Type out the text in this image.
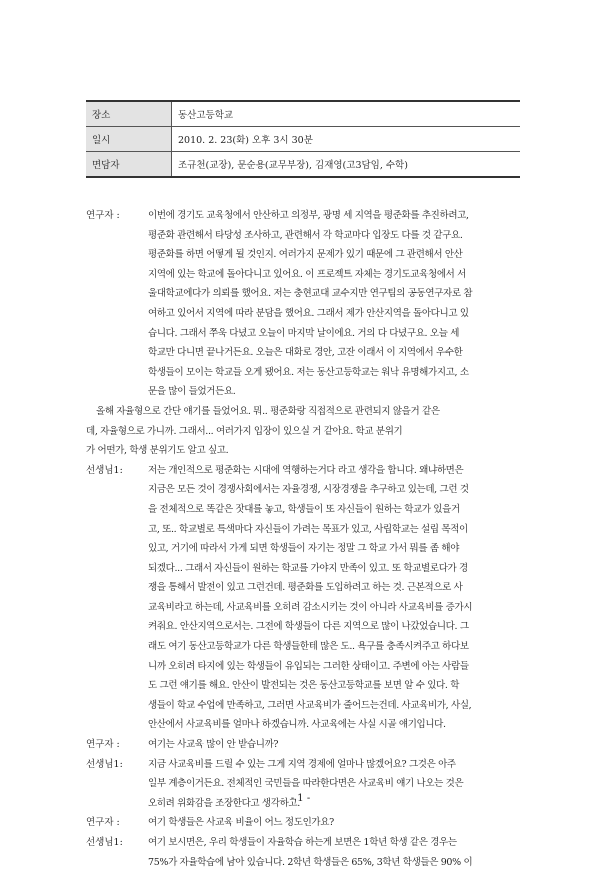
장소	동산고등학교
일시	2010. 2. 23(화) 오후 3시 30분
면담자	조규천(교장), 문순용(교무부장), 김재영(고3담임, 수학)
연구자 :	이번에 경기도 교육청에서 안산하고 의정부, 광명 세 지역을 평준화를 추진하려고,
평준화 관련해서 타당성 조사하고, 관련해서 각 학교마다 입장도 다를 것 같구요.
평준화를 하면 어떻게 될 것인지. 여러가지 문제가 있기 때문에 그 관련해서 안산
지역에 있는 학교에 돌아다니고 있어요. 이 프로젝트 자체는 경기도교육청에서 서
울대학교에다가 의뢰를 했어요. 저는 충현교대 교수지만 연구팀의 공동연구자로 참
여하고 있어서 지역에 따라 분담을 했어요. 그래서 제가 안산지역을 돌아다니고 있
습니다. 그래서 쭈욱 다녔고 오늘이 마지막 날이에요. 거의 다 다녔구요. 오늘 세
학교만 다니면 끝나거든요. 오늘은 대화로 경안, 고잔 이래서 이 지역에서 우수한
학생들이 모이는 학교들 오게 됐어요. 저는 동산고등학교는 워낙 유명해가지고, 소
문을 많이 들었거든요.
올해 자율형으로 간단 얘기를 들었어요. 뭐.. 평준화랑 직접적으로 관련되지 않을거 같은
데, 자율형으로 가니까. 그래서... 여러가지 입장이 있으실 거 같아요. 학교 분위기
가 어떤가, 학생 분위기도 알고 싶고.
선생님1:	저는 개인적으로 평준화는 시대에 역행하는거다 라고 생각을 합니다. 왜냐하면은
지금은 모든 것이 경쟁사회에서는 자율경쟁, 시장경쟁을 추구하고 있는데, 그런 것
을 전체적으로 똑같은 잣대를 놓고, 학생들이 또 자신들이 원하는 학교가 있을거
고, 또.. 학교별로 특색마다 자신들이 가려는 목표가 있고, 사립학교는 설립 목적이
있고, 거기에 따라서 가게 되면 학생들이 자기는 정말 그 학교 가서 뭐를 좀 해야
되겠다... 그래서 자신들이 원하는 학교를 가야지 만족이 있고. 또 학교별로다가 경
쟁을 통해서 발전이 있고 그런건데. 평준화를 도입하려고 하는 것. 근본적으로 사
교육비라고 하는데, 사교육비를 오히려 감소시키는 것이 아니라 사교육비를 증가시
켜줘요. 안산지역으로서는. 그전에 학생들이 다른 지역으로 많이 나갔었습니다. 그
래도 여기 동산고등학교가 다른 학생들한테 많은 도.. 욕구를 충족시켜주고 하다보
니까 오히려 타지에 있는 학생들이 유입되는 그러한 상태이고. 주변에 아는 사람들
도 그런 얘기를 해요. 안산이 발전되는 것은 동산고등학교를 보면 알 수 있다. 학
생들이 학교 수업에 만족하고, 그러면 사교육비가 줄어드는건데. 사교육비가, 사실,
안산에서 사교육비를 얼마나 하겠습니까. 사교육에는 사실 시골 얘기입니다.
연구자 :	여기는 사교육 많이 안 받습니까?
선생님1:	지금 사교육비를 드릴 수 있는 그게 지역 경제에 얼마나 많겠어요? 그것은 아주
일부 계층이거든요. 전체적인 국민들을 따라한다면은 사교육비 얘기 나오는 것은
오히려 위화감을 조장한다고 생각하고.
연구자 :	여기 학생들은 사교육 비율이 어느 정도인가요?
선생님1:	여기 보시면은, 우리 학생들이 자율학습 하는게 보면은 1학년 학생 같은 경우는
75%가 자율학습에 남아 있습니다. 2학년 학생들은 65%, 3학년 학생들은 90% 이
- 1 -
